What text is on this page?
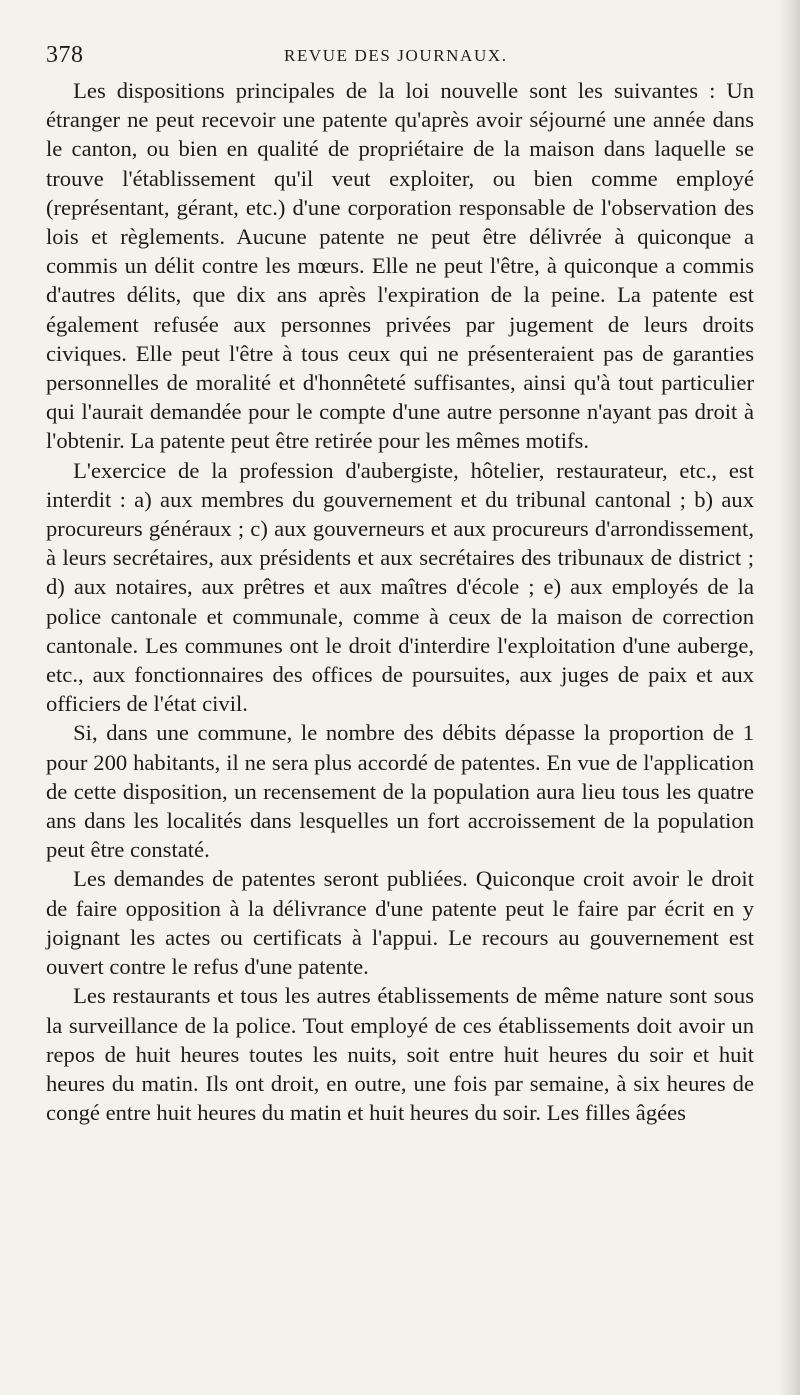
378	REVUE DES JOURNAUX.

Les dispositions principales de la loi nouvelle sont les suivantes : Un étranger ne peut recevoir une patente qu'après avoir séjourné une année dans le canton, ou bien en qualité de propriétaire de la maison dans laquelle se trouve l'établissement qu'il veut exploiter, ou bien comme employé (représentant, gérant, etc.) d'une corporation responsable de l'observation des lois et règlements. Aucune patente ne peut être délivrée à quiconque a commis un délit contre les mœurs. Elle ne peut l'être, à quiconque a commis d'autres délits, que dix ans après l'expiration de la peine. La patente est également refusée aux personnes privées par jugement de leurs droits civiques. Elle peut l'être à tous ceux qui ne présenteraient pas de garanties personnelles de moralité et d'honnêteté suffisantes, ainsi qu'à tout particulier qui l'aurait demandée pour le compte d'une autre personne n'ayant pas droit à l'obtenir. La patente peut être retirée pour les mêmes motifs.

L'exercice de la profession d'aubergiste, hôtelier, restaurateur, etc., est interdit : a) aux membres du gouvernement et du tribunal cantonal ; b) aux procureurs généraux ; c) aux gouverneurs et aux procureurs d'arrondissement, à leurs secrétaires, aux présidents et aux secrétaires des tribunaux de district ; d) aux notaires, aux prêtres et aux maîtres d'école ; e) aux employés de la police cantonale et communale, comme à ceux de la maison de correction cantonale. Les communes ont le droit d'interdire l'exploitation d'une auberge, etc., aux fonctionnaires des offices de poursuites, aux juges de paix et aux officiers de l'état civil.

Si, dans une commune, le nombre des débits dépasse la proportion de 1 pour 200 habitants, il ne sera plus accordé de patentes. En vue de l'application de cette disposition, un recensement de la population aura lieu tous les quatre ans dans les localités dans lesquelles un fort accroissement de la population peut être constaté.

Les demandes de patentes seront publiées. Quiconque croit avoir le droit de faire opposition à la délivrance d'une patente peut le faire par écrit en y joignant les actes ou certificats à l'appui. Le recours au gouvernement est ouvert contre le refus d'une patente.

Les restaurants et tous les autres établissements de même nature sont sous la surveillance de la police. Tout employé de ces établissements doit avoir un repos de huit heures toutes les nuits, soit entre huit heures du soir et huit heures du matin. Ils ont droit, en outre, une fois par semaine, à six heures de congé entre huit heures du matin et huit heures du soir. Les filles âgées
